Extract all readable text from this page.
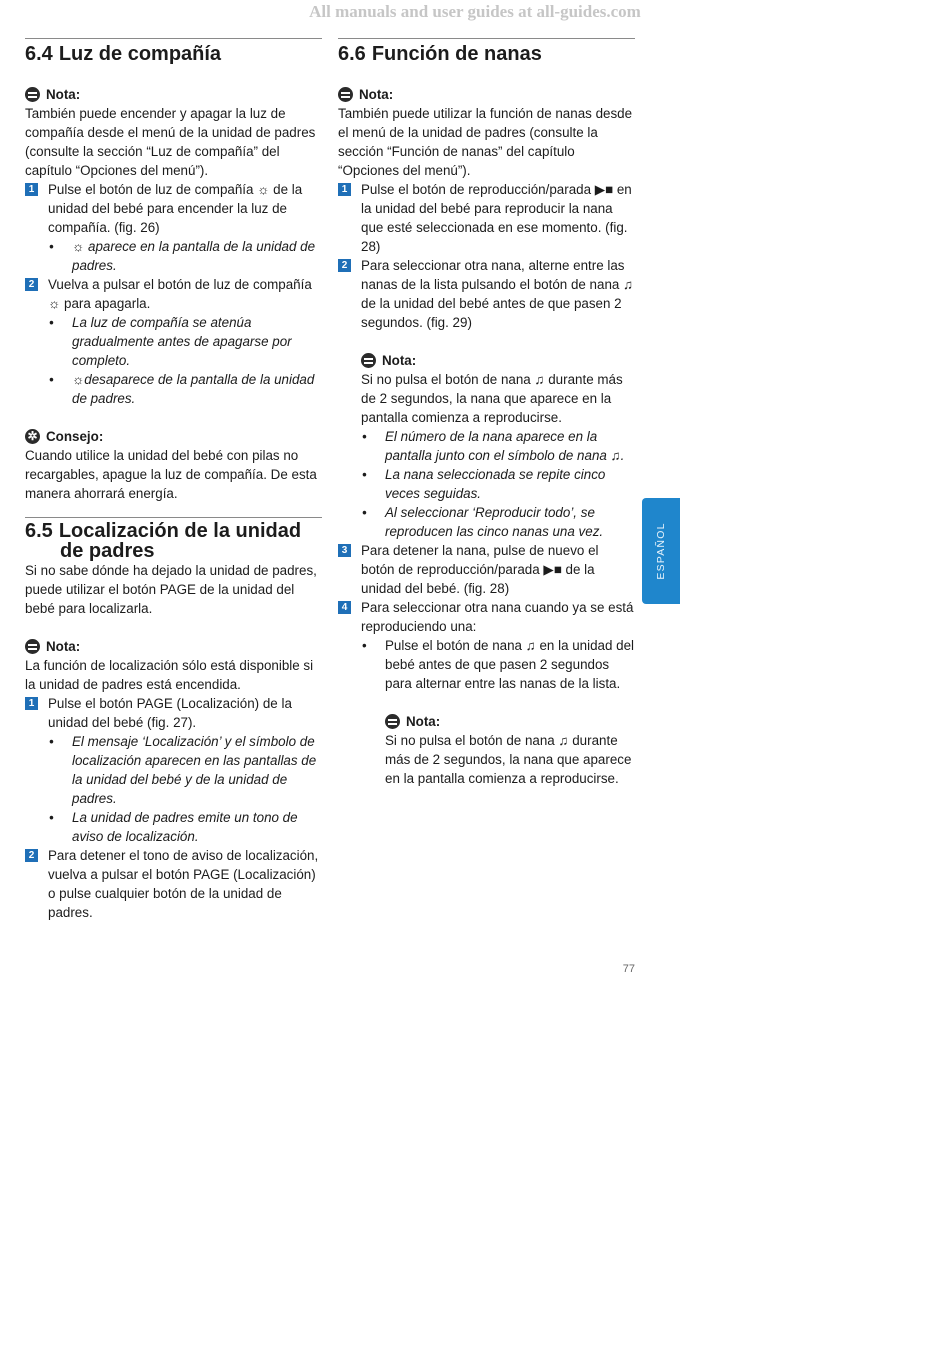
All manuals and user guides at all-guides.com
6.4 Luz de compañía
Nota:

También puede encender y apagar la luz de compañía desde el menú de la unidad de padres (consulte la sección “Luz de compañía” del capítulo “Opciones del menú”).

1 Pulse el botón de luz de compañía ☼ de la unidad del bebé para encender la luz de compañía. (fig. 26)
• ☼ aparece en la pantalla de la unidad de padres.
2 Vuelva a pulsar el botón de luz de compañía ☼ para apagarla.
• La luz de compañía se atenúa gradualmente antes de apagarse por completo.
• ☼desaparece de la pantalla de la unidad de padres.
✲ Consejo:

Cuando utilice la unidad del bebé con pilas no recargables, apague la luz de compañía. De esta manera ahorrará energía.

6.5 Localización de la unidad de padres

Si no sabe dónde ha dejado la unidad de padres, puede utilizar el botón PAGE de la unidad del bebé para localizarla.

Nota:

La función de localización sólo está disponible si la unidad de padres está encendida.

1 Pulse el botón PAGE (Localización) de la unidad del bebé (fig. 27).
• El mensaje ‘Localización’ y el símbolo de localización aparecen en las pantallas de la unidad del bebé y de la unidad de padres.
• La unidad de padres emite un tono de aviso de localización.
2 Para detener el tono de aviso de localización, vuelva a pulsar el botón PAGE (Localización) o pulse cualquier botón de la unidad de padres.
6.6 Función de nanas
Nota:

También puede utilizar la función de nanas desde el menú de la unidad de padres (consulte la sección “Función de nanas” del capítulo “Opciones del menú”).

1 Pulse el botón de reproducción/parada ▶■ en la unidad del bebé para reproducir la nana que esté seleccionada en ese momento. (fig. 28)
2 Para seleccionar otra nana, alterne entre las nanas de la lista pulsando el botón de nana ♫ de la unidad del bebé antes de que pasen 2 segundos. (fig. 29)
Nota:

Si no pulsa el botón de nana ♫ durante más de 2 segundos, la nana que aparece en la pantalla comienza a reproducirse.

• El número de la nana aparece en la pantalla junto con el símbolo de nana ♫.
• La nana seleccionada se repite cinco veces seguidas.
• Al seleccionar ‘Reproducir todo’, se reproducen las cinco nanas una vez.
3 Para detener la nana, pulse de nuevo el botón de reproducción/parada ▶■ de la unidad del bebé. (fig. 28)
4 Para seleccionar otra nana cuando ya se está reproduciendo una:
• Pulse el botón de nana ♫ en la unidad del bebé antes de que pasen 2 segundos para alternar entre las nanas de la lista.
Nota:

Si no pulsa el botón de nana ♫ durante más de 2 segundos, la nana que aparece en la pantalla comienza a reproducirse.

ESPAÑOL
77
